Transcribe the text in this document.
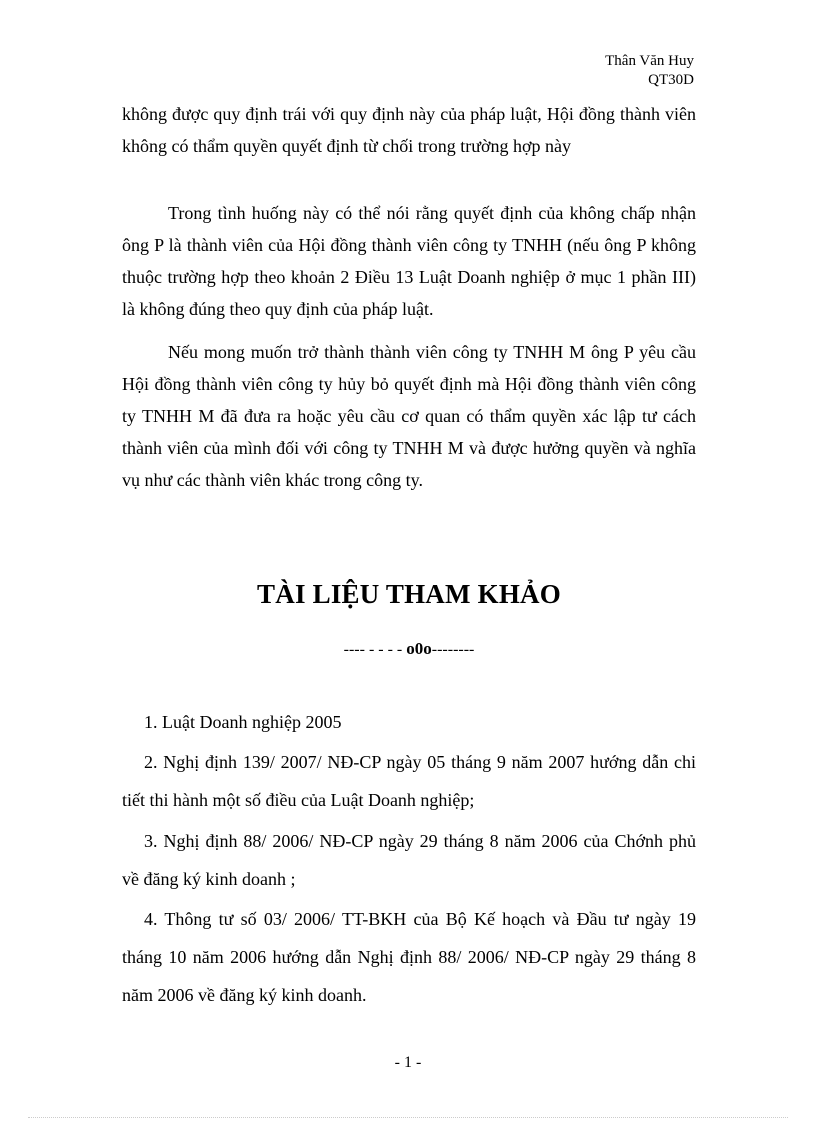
Thân Văn Huy
QT30D
không được quy định trái với quy định này của pháp luật, Hội đồng thành viên không có thẩm quyền quyết định từ chối trong trường hợp này
Trong tình huống này có thể nói rằng quyết định của không chấp nhận ông P là thành viên của Hội đồng thành viên công ty TNHH (nếu ông P không thuộc trường hợp theo khoản 2 Điều 13 Luật Doanh nghiệp ở mục 1 phần III) là không đúng theo quy định của pháp luật.
Nếu mong muốn trở thành thành viên công ty TNHH M ông P yêu cầu Hội đồng thành viên công ty hủy bỏ quyết định mà Hội đồng thành viên công ty TNHH M đã đưa ra hoặc yêu cầu cơ quan có thẩm quyền xác lập tư cách thành viên của mình đối với công ty TNHH M và được hưởng quyền và nghĩa vụ như các thành viên khác trong công ty.
TÀI LIỆU THAM KHẢO
---- - - - - o0o--------
1. Luật Doanh nghiệp 2005
2. Nghị định 139/ 2007/ NĐ-CP ngày 05 tháng 9 năm 2007 hướng dẫn chi tiết thi hành một số điều của Luật Doanh nghiệp;
3. Nghị định 88/ 2006/ NĐ-CP ngày 29 tháng 8 năm 2006 của Chớnh phủ về đăng ký kinh doanh ;
4. Thông tư số 03/ 2006/ TT-BKH của Bộ Kế hoạch và Đầu tư ngày 19 tháng 10 năm 2006 hướng dẫn Nghị định 88/ 2006/ NĐ-CP ngày 29 tháng 8 năm 2006 về đăng ký kinh doanh.
- 1 -
